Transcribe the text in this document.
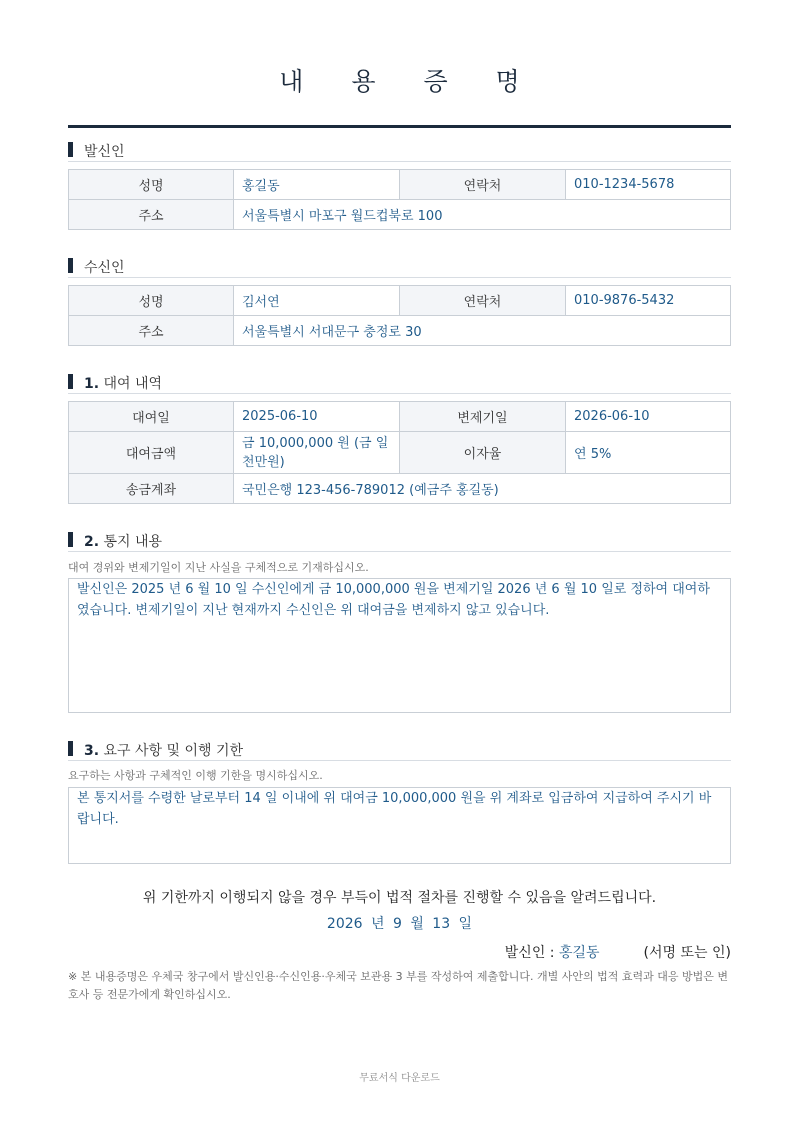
내 용 증 명
발신인
성명	홍길동	연락처	010-1234-5678
주소	서울특별시 마포구 월드컵북로 100		
수신인
성명	김서연	연락처	010-9876-5432
주소	서울특별시 서대문구 충정로 30		
1. 대여 내역
대여일	2025-06-10	변제기일	2026-06-10
대여금액	금 10,000,000 원 (금 일천만원)	이자율	연 5%
송금계좌	국민은행 123-456-789012 (예금주 홍길동)		
2. 통지 내용
대여 경위와 변제기일이 지난 사실을 구체적으로 기재하십시오.
발신인은 2025 년 6 월 10 일 수신인에게 금 10,000,000 원을 변제기일 2026 년 6 월 10 일로 정하여 대여하였습니다. 변제기일이 지난 현재까지 수신인은 위 대여금을 변제하지 않고 있습니다.
3. 요구 사항 및 이행 기한
요구하는 사항과 구체적인 이행 기한을 명시하십시오.
본 통지서를 수령한 날로부터 14 일 이내에 위 대여금 10,000,000 원을 위 계좌로 입금하여 지급하여 주시기 바랍니다.
위 기한까지 이행되지 않을 경우 부득이 법적 절차를 진행할 수 있음을 알려드립니다.
2026 년 9 월 13 일
발신인 : 홍길동	(서명 또는 인)
※ 본 내용증명은 우체국 창구에서 발신인용·수신인용·우체국 보관용 3 부를 작성하여 제출합니다. 개별 사안의 법적 효력과 대응 방법은 변호사 등 전문가에게 확인하십시오.
무료서식 다운로드
